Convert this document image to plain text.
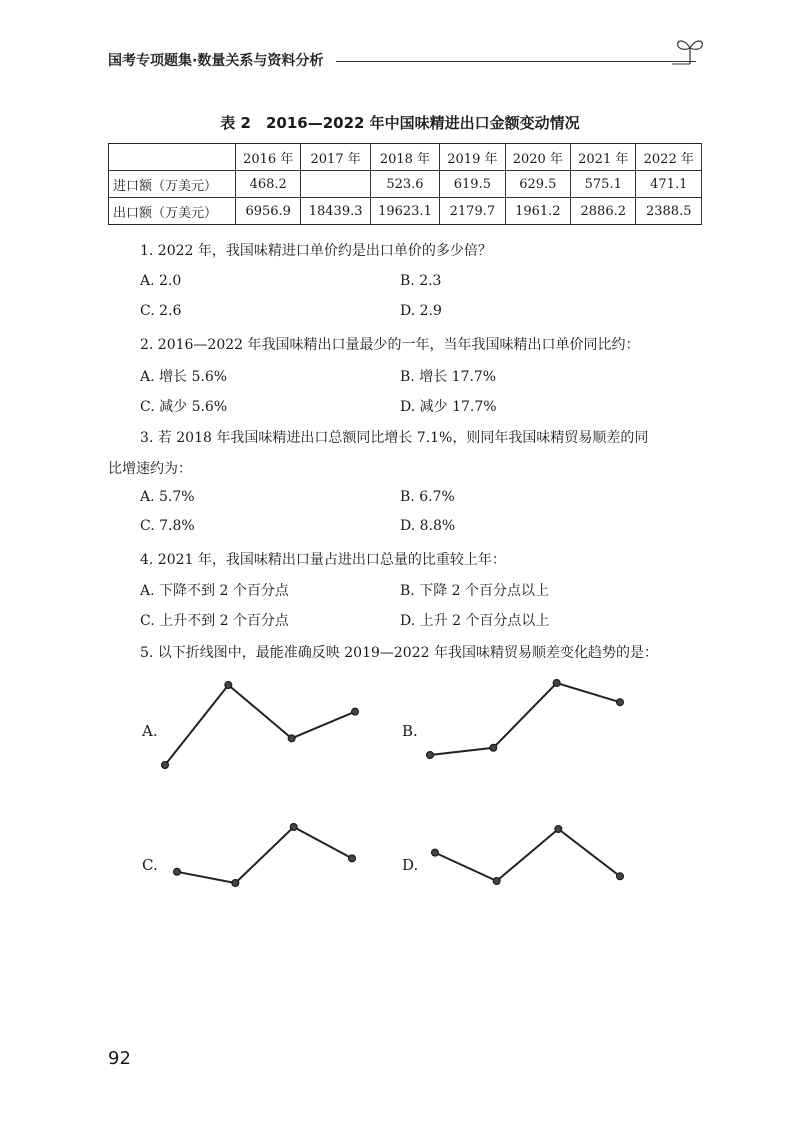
国考专项题集·数量关系与资料分析
表 2　2016—2022 年中国味精进出口金额变动情况
	2016 年	2017 年	2018 年	2019 年	2020 年	2021 年	2022 年
进口额（万美元）	468.2		523.6	619.5	629.5	575.1	471.1
出口额（万美元）	6956.9	18439.3	19623.1	2179.7	1961.2	2886.2	2388.5
1. 2022 年，我国味精进口单价约是出口单价的多少倍？
A. 2.0	B. 2.3
C. 2.6	D. 2.9
2. 2016—2022 年我国味精出口量最少的一年，当年我国味精出口单价同比约：
A. 增长 5.6%	B. 增长 17.7%
C. 减少 5.6%	D. 减少 17.7%
3. 若 2018 年我国味精进出口总额同比增长 7.1%，则同年我国味精贸易顺差的同
比增速约为：
A. 5.7%	B. 6.7%
C. 7.8%	D. 8.8%
4. 2021 年，我国味精出口量占进出口总量的比重较上年：
A. 下降不到 2 个百分点	B. 下降 2 个百分点以上
C. 上升不到 2 个百分点	D. 上升 2 个百分点以上
5. 以下折线图中，最能准确反映 2019—2022 年我国味精贸易顺差变化趋势的是：
A.	B.
C.	D.
92
